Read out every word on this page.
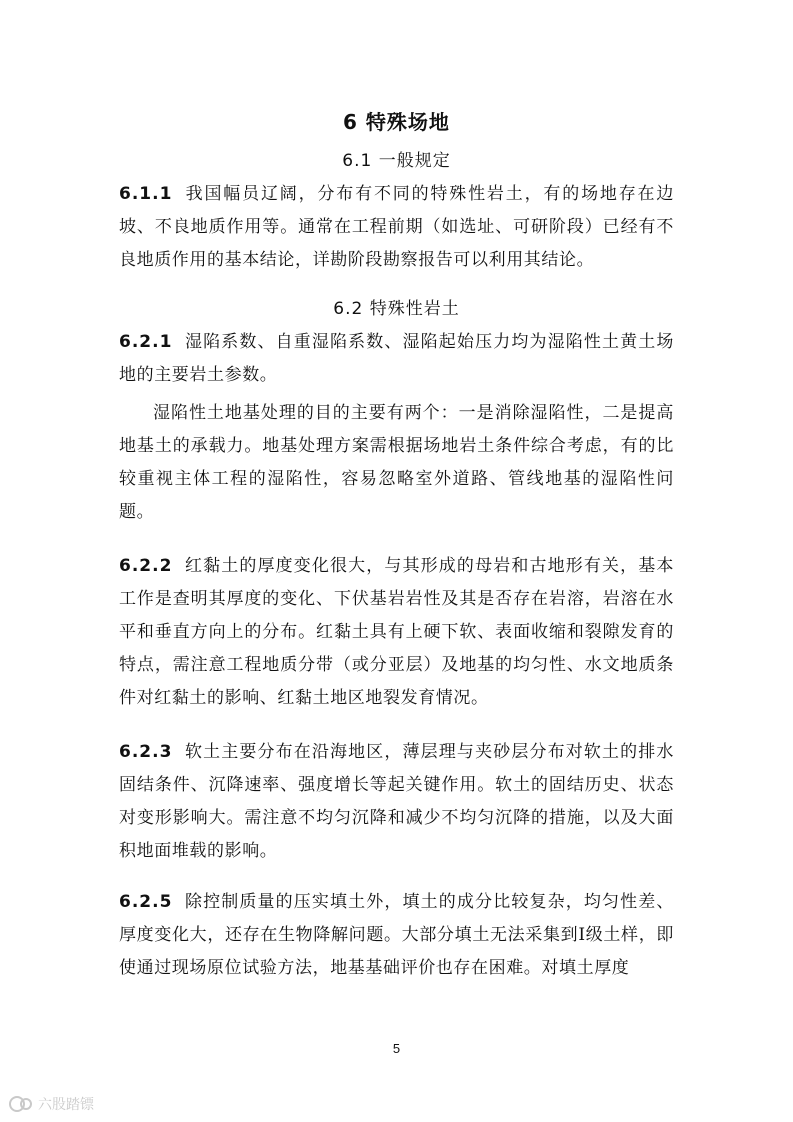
6 特殊场地
6.1 一般规定

6.1.1 我国幅员辽阔，分布有不同的特殊性岩土，有的场地存在边坡、不良地质作用等。通常在工程前期（如选址、可研阶段）已经有不良地质作用的基本结论，详勘阶段勘察报告可以利用其结论。

6.2 特殊性岩土

6.2.1 湿陷系数、自重湿陷系数、湿陷起始压力均为湿陷性土黄土场地的主要岩土参数。

湿陷性土地基处理的目的主要有两个：一是消除湿陷性，二是提高地基土的承载力。地基处理方案需根据场地岩土条件综合考虑，有的比较重视主体工程的湿陷性，容易忽略室外道路、管线地基的湿陷性问题。

6.2.2 红黏土的厚度变化很大，与其形成的母岩和古地形有关，基本工作是查明其厚度的变化、下伏基岩岩性及其是否存在岩溶，岩溶在水平和垂直方向上的分布。红黏土具有上硬下软、表面收缩和裂隙发育的特点，需注意工程地质分带（或分亚层）及地基的均匀性、水文地质条件对红黏土的影响、红黏土地区地裂发育情况。

6.2.3 软土主要分布在沿海地区，薄层理与夹砂层分布对软土的排水固结条件、沉降速率、强度增长等起关键作用。软土的固结历史、状态对变形影响大。需注意不均匀沉降和减少不均匀沉降的措施，以及大面积地面堆载的影响。

6.2.5 除控制质量的压实填土外，填土的成分比较复杂，均匀性差、厚度变化大，还存在生物降解问题。大部分填土无法采集到Ⅰ级土样，即使通过现场原位试验方法，地基基础评价也存在困难。对填土厚度

5
六股踏镖
